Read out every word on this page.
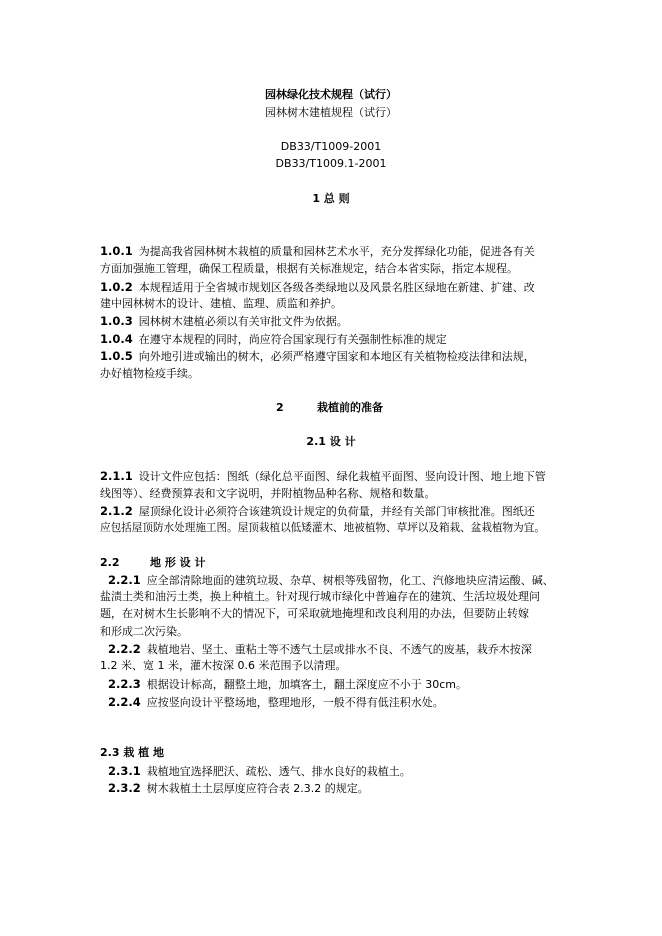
园林绿化技术规程（试行）
园林树木建植规程（试行）
DB33/T1009-2001
DB33/T1009.1-2001
1 总 则
1.0.1 为提高我省园林树木栽植的质量和园林艺术水平，充分发挥绿化功能，促进各有关
方面加强施工管理，确保工程质量，根据有关标准规定，结合本省实际，指定本规程。
1.0.2 本规程适用于全省城市规划区各级各类绿地以及风景名胜区绿地在新建、扩建、改
建中园林树木的设计、建植、监理、质监和养护。
1.0.3 园林树木建植必须以有关审批文件为依据。
1.0.4 在遵守本规程的同时，尚应符合国家现行有关强制性标准的规定
1.0.5 向外地引进或输出的树木，必须严格遵守国家和本地区有关植物检疫法律和法规，
办好植物检疫手续。
2	栽植前的准备
2.1 设 计
2.1.1 设计文件应包括：图纸（绿化总平面图、绿化栽植平面图、竖向设计图、地上地下管
线图等）、经费预算表和文字说明，并附植物品种名称、规格和数量。
2.1.2 屋顶绿化设计必须符合该建筑设计规定的负荷量，并经有关部门审核批准。图纸还
应包括屋顶防水处理施工图。屋顶栽植以低矮灌木、地被植物、草坪以及箱栽、盆栽植物为宜。
2.2	地 形 设 计
2.2.1 应全部清除地面的建筑垃圾、杂草、树根等残留物，化工、汽修地块应清运酸、碱、
盐渍土类和油污土类，换上种植土。针对现行城市绿化中普遍存在的建筑、生活垃圾处理问
题，在对树木生长影响不大的情况下，可采取就地掩埋和改良利用的办法，但要防止转嫁
和形成二次污染。
2.2.2 栽植地岩、坚土、重粘土等不透气土层或排水不良、不透气的废基，栽乔木按深
1.2 米、宽 1 米，灌木按深 0.6 米范围予以清理。
2.2.3 根据设计标高，翻整土地，加填客土，翻土深度应不小于 30cm。
2.2.4 应按竖向设计平整场地，整理地形，一般不得有低洼积水处。
2.3 栽 植 地
2.3.1 栽植地宜选择肥沃、疏松、透气、排水良好的栽植土。
2.3.2 树木栽植土土层厚度应符合表 2.3.2 的规定。
